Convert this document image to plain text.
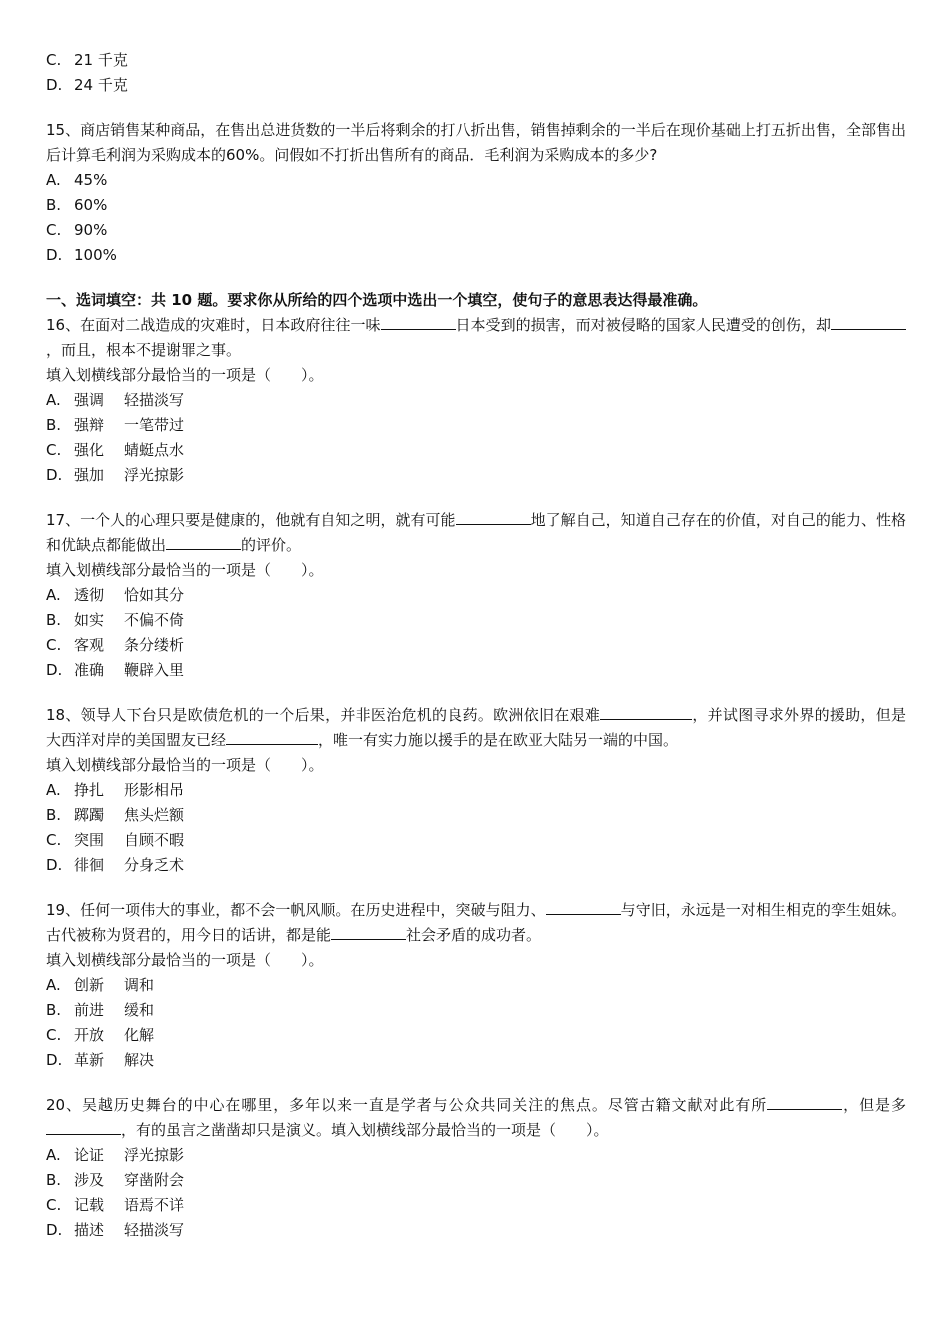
C. 21 千克
D. 24 千克
15、商店销售某种商品，在售出总进货数的一半后将剩余的打八折出售，销售掉剩余的一半后在现价基础上打五折出售，全部售出后计算毛利润为采购成本的60%。问假如不打折出售所有的商品．毛利润为采购成本的多少?
A. 45%
B. 60%
C. 90%
D. 100%
一、选词填空：共 10 题。要求你从所给的四个选项中选出一个填空，使句子的意思表达得最准确。
16、在面对二战造成的灾难时，日本政府往往一味	日本受到的损害，而对被侵略的国家人民遭受的创伤，却，而且，根本不提谢罪之事。
填入划横线部分最恰当的一项是（　　）。
A. 强调 轻描淡写
B. 强辩 一笔带过
C. 强化 蜻蜓点水
D. 强加 浮光掠影
17、一个人的心理只要是健康的，他就有自知之明，就有可能	地了解自己，知道自己存在的价值，对自己的能力、性格和优缺点都能做出	的评价。
填入划横线部分最恰当的一项是（　　）。
A. 透彻 恰如其分
B. 如实 不偏不倚
C. 客观 条分缕析
D. 准确 鞭辟入里
18、领导人下台只是欧债危机的一个后果，并非医治危机的良药。欧洲依旧在艰难	，并试图寻求外界的援助，但是大西洋对岸的美国盟友已经	，唯一有实力施以援手的是在欧亚大陆另一端的中国。
填入划横线部分最恰当的一项是（　　）。
A. 挣扎 形影相吊
B. 踯躅 焦头烂额
C. 突围 自顾不暇
D. 徘徊 分身乏术
19、任何一项伟大的事业，都不会一帆风顺。在历史进程中，突破与阻力、	与守旧，永远是一对相生相克的孪生姐妹。古代被称为贤君的，用今日的话讲，都是能	社会矛盾的成功者。
填入划横线部分最恰当的一项是（　　）。
A. 创新 调和
B. 前进 缓和
C. 开放 化解
D. 革新 解决
20、吴越历史舞台的中心在哪里，多年以来一直是学者与公众共同关注的焦点。尽管古籍文献对此有所	，但是多，有的虽言之凿凿却只是演义。填入划横线部分最恰当的一项是（　　）。
A. 论证 浮光掠影
B. 涉及 穿凿附会
C. 记载 语焉不详
D. 描述 轻描淡写
